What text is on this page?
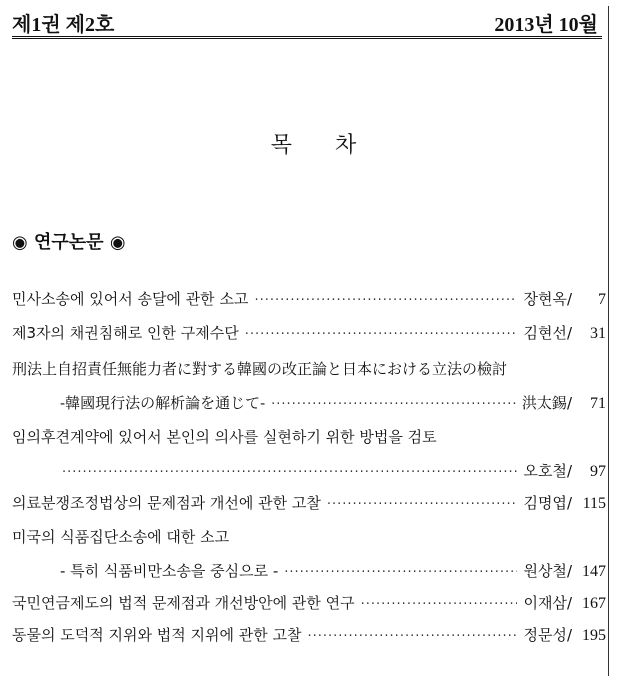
제1권 제2호	2013년 10월
목 차
◉ 연구논문 ◉
민사소송에 있어서 송달에 관한 소고 ·····	장현옥 /	7
제3자의 채권침해로 인한 구제수단 ·····	김현선 /	31
刑法上自招責任無能力者に對する韓國の改正論と日本における立法の檢討
-韓國現行法の解析論を通じて- ·····	洪太錫 /	71
임의후견계약에 있어서 본인의 의사를 실현하기 위한 방법을 검토
·····
오호철 /	97
의료분쟁조정법상의 문제점과 개선에 관한 고찰 ·····	김명엽 / 115
미국의 식품집단소송에 대한 소고
- 특히 식품비만소송을 중심으로 - ·····	원상철 / 147
국민연금제도의 법적 문제점과 개선방안에 관한 연구 ·····	이재삼 / 167
동물의 도덕적 지위와 법적 지위에 관한 고찰 ·····	정문성 / 195
